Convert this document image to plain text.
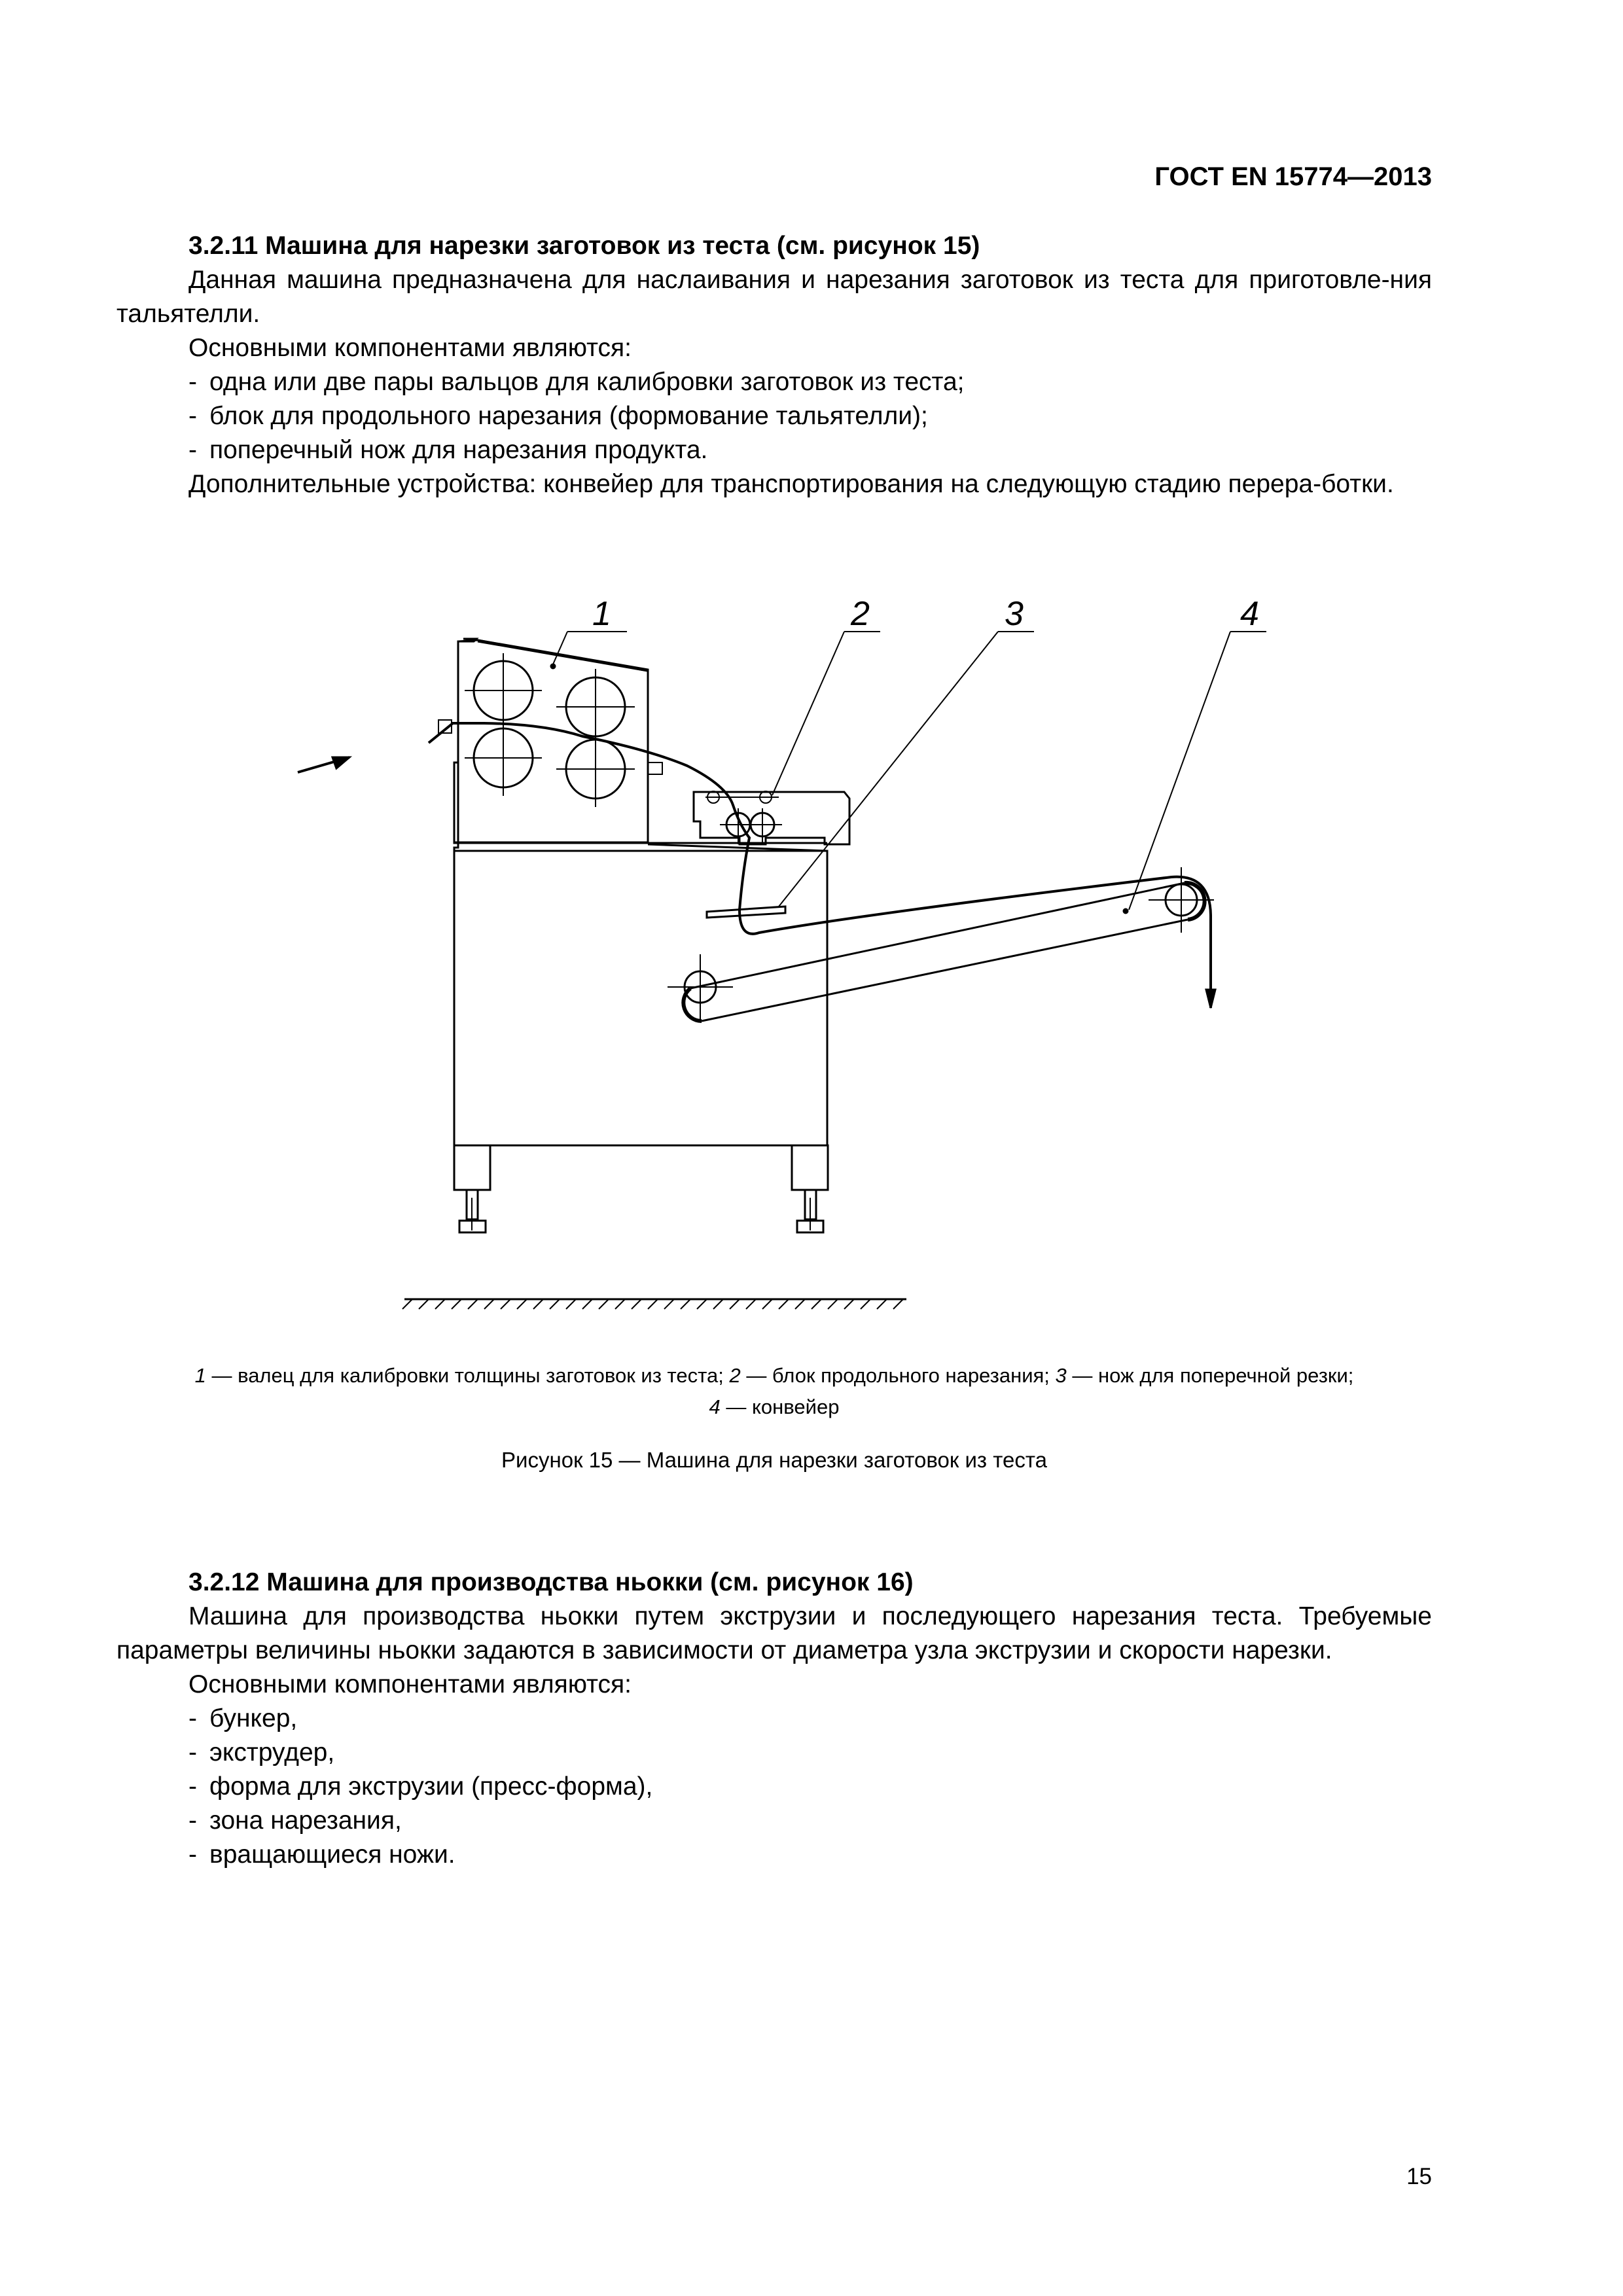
ГОСТ EN 15774—2013

3.2.11 Машина для нарезки заготовок из теста (см. рисунок 15)

Данная машина предназначена для наслаивания и нарезания заготовок из теста для приготовле-ния тальятелли.

Основными компонентами являются:

- одна или две пары вальцов для калибровки заготовок из теста;
- блок для продольного нарезания (формование тальятелли);
- поперечный нож для нарезания продукта.

Дополнительные устройства: конвейер для транспортирования на следующую стадию перера-ботки.

1	2	3	4
1 — валец для калибровки толщины заготовок из теста; 2 — блок продольного нарезания; 3 — нож для поперечной резки;
4 — конвейер
Рисунок 15 — Машина для нарезки заготовок из теста

3.2.12 Машина для производства ньокки (см. рисунок 16)

Машина для производства ньокки путем экструзии и последующего нарезания теста. Требуемые параметры величины ньокки задаются в зависимости от диаметра узла экструзии и скорости нарезки.

Основными компонентами являются:

- бункер,
- экструдер,
- форма для экструзии (пресс-форма),
- зона нарезания,
- вращающиеся ножи.
15
